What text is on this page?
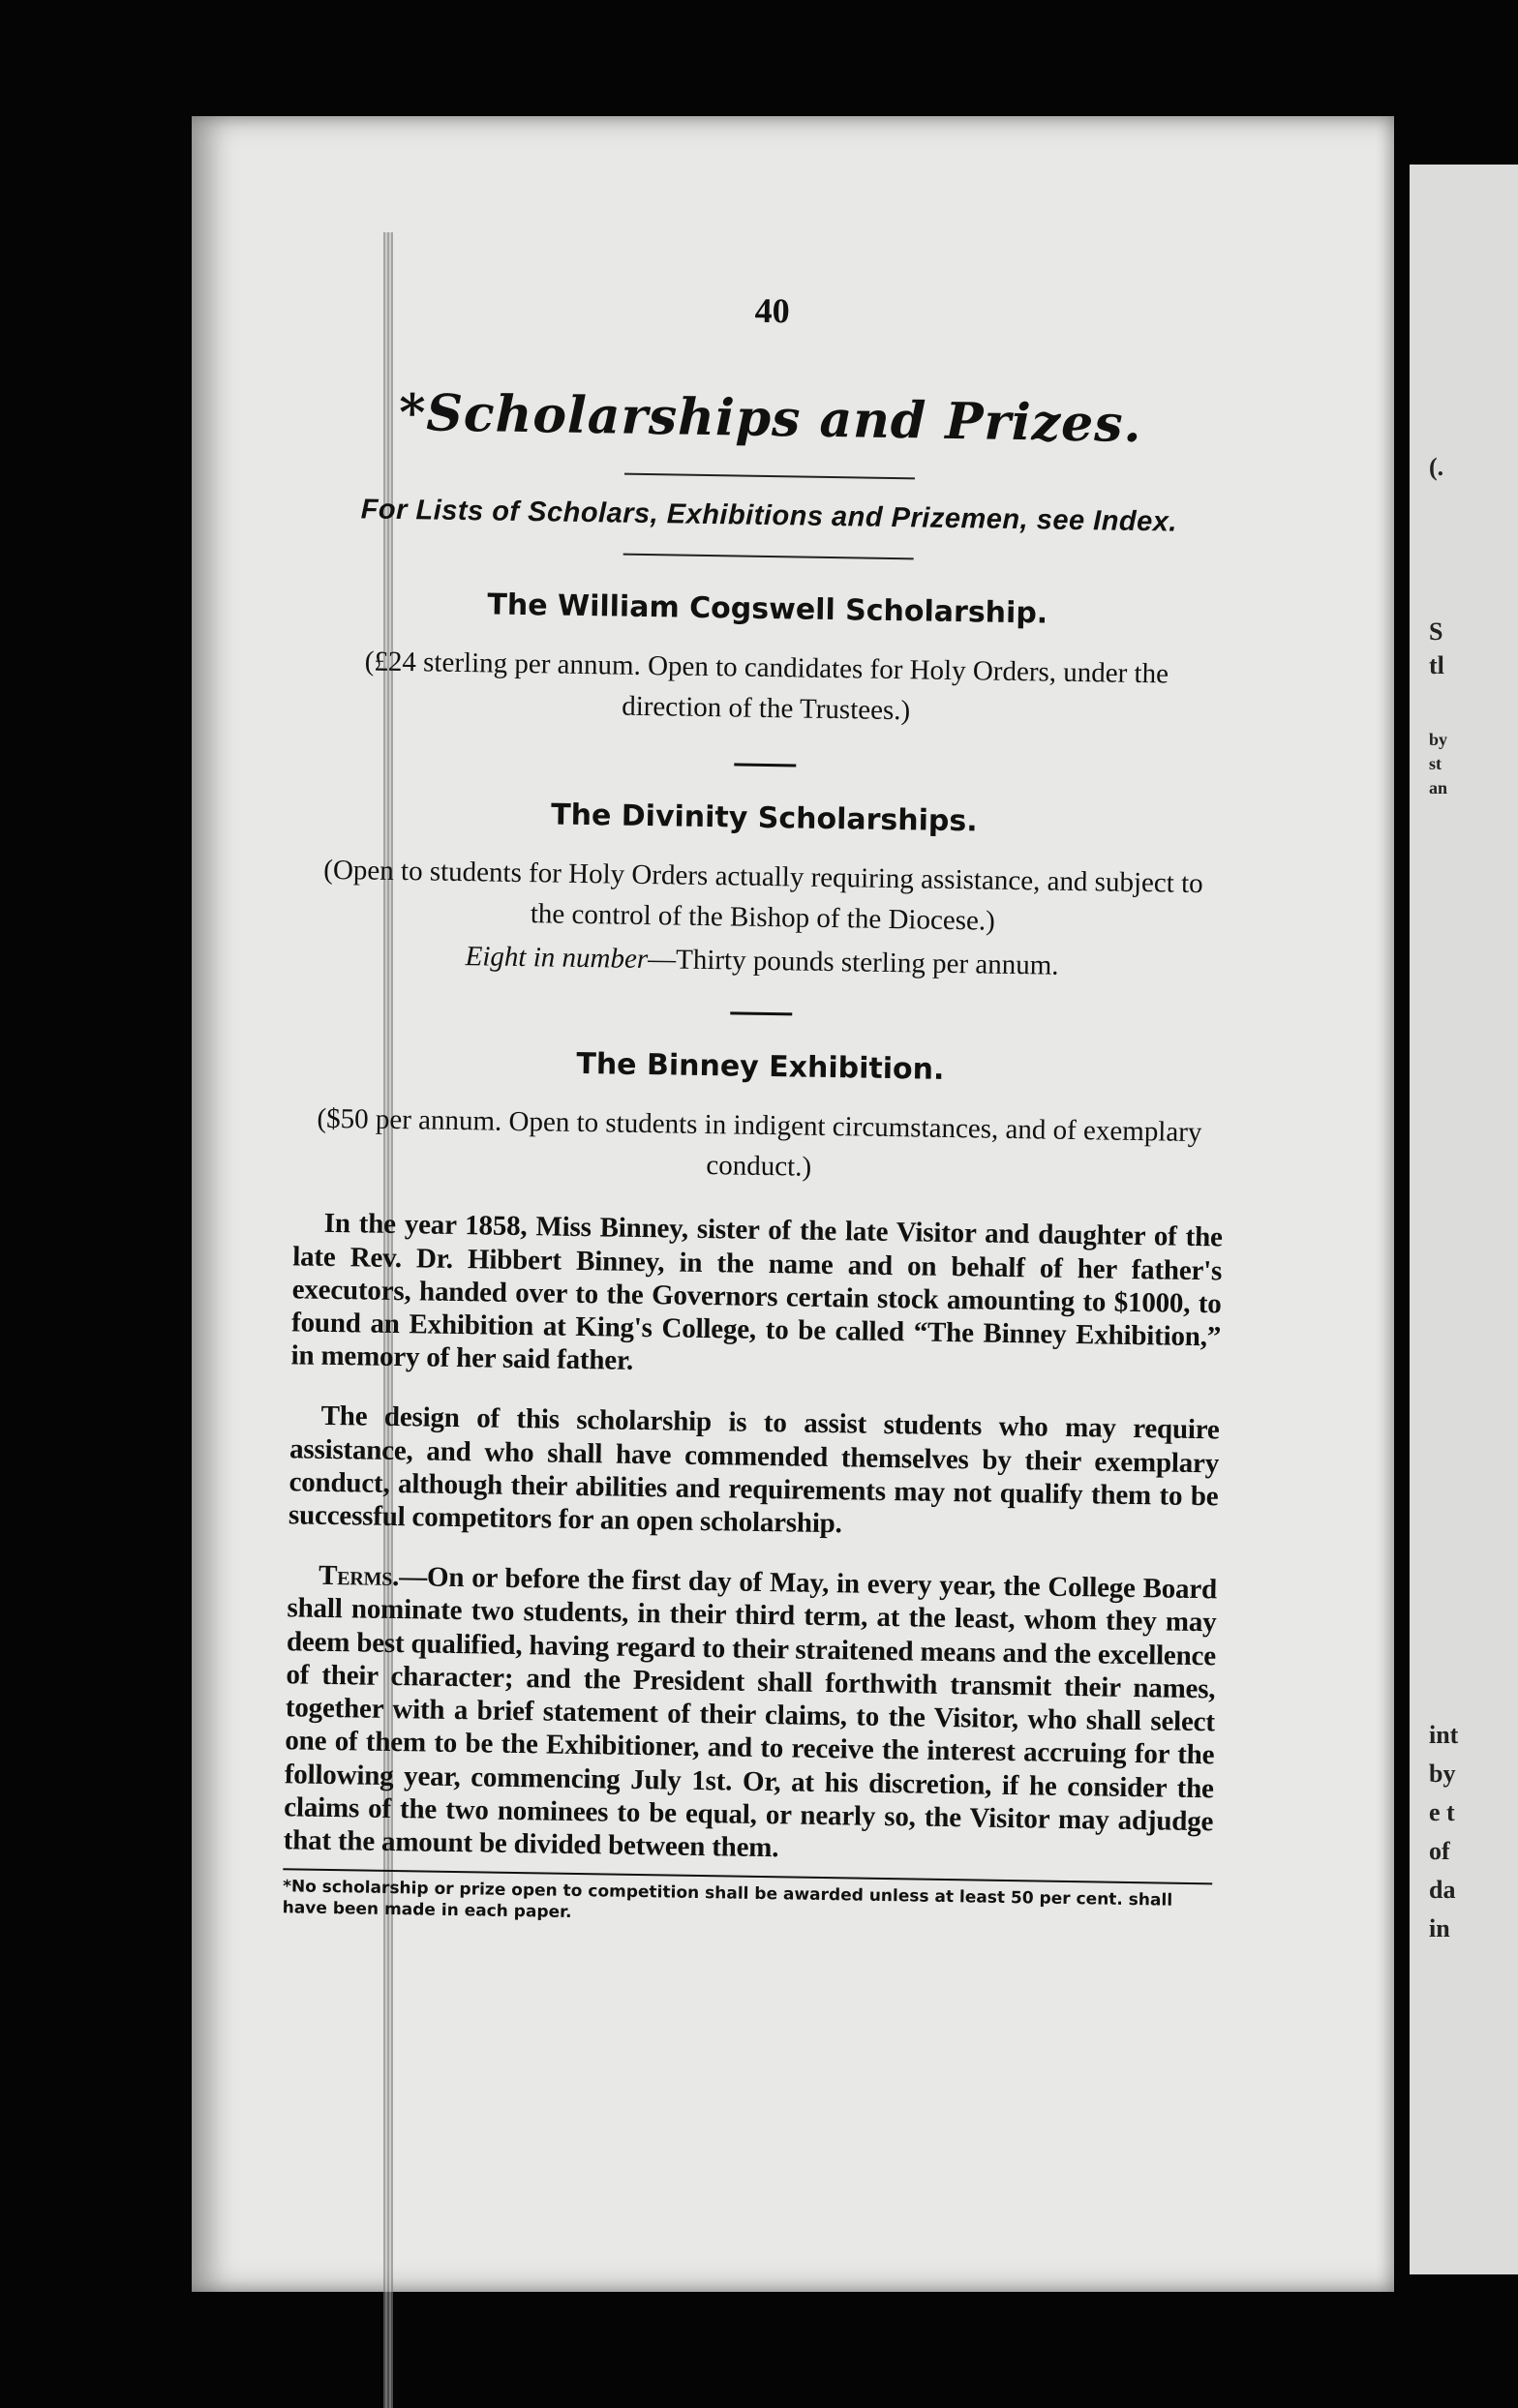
40
*Scholarships and Prizes.
For Lists of Scholars, Exhibitions and Prizemen, see Index.
The William Cogswell Scholarship.

(£24 sterling per annum. Open to candidates for Holy Orders, under the direction of the Trustees.)

The Divinity Scholarships.

(Open to students for Holy Orders actually requiring assistance, and subject to the control of the Bishop of the Diocese.)

Eight in number—Thirty pounds sterling per annum.
The Binney Exhibition.

($50 per annum. Open to students in indigent circumstances, and of exemplary conduct.)

In the year 1858, Miss Binney, sister of the late Visitor and daughter of the late Rev. Dr. Hibbert Binney, in the name and on behalf of her father's executors, handed over to the Governors certain stock amounting to $1000, to found an Exhibition at King's College, to be called “The Binney Exhibition,” in memory of her said father.

The design of this scholarship is to assist students who may require assistance, and who shall have commended themselves by their exemplary conduct, although their abilities and requirements may not qualify them to be successful competitors for an open scholarship.

Terms.—On or before the first day of May, in every year, the College Board shall nominate two students, in their third term, at the least, whom they may deem best qualified, having regard to their straitened means and the excellence of their character; and the President shall forthwith transmit their names, together with a brief statement of their claims, to the Visitor, who shall select one of them to be the Exhibitioner, and to receive the interest accruing for the following year, commencing July 1st. Or, at his discretion, if he consider the claims of the two nominees to be equal, or nearly so, the Visitor may adjudge that the amount be divided between them.

*No scholarship or prize open to competition shall be awarded unless at least 50 per cent. shall have been made in each paper.

(.
S
tl
by
st
an
int
by
e t
of
da
in
